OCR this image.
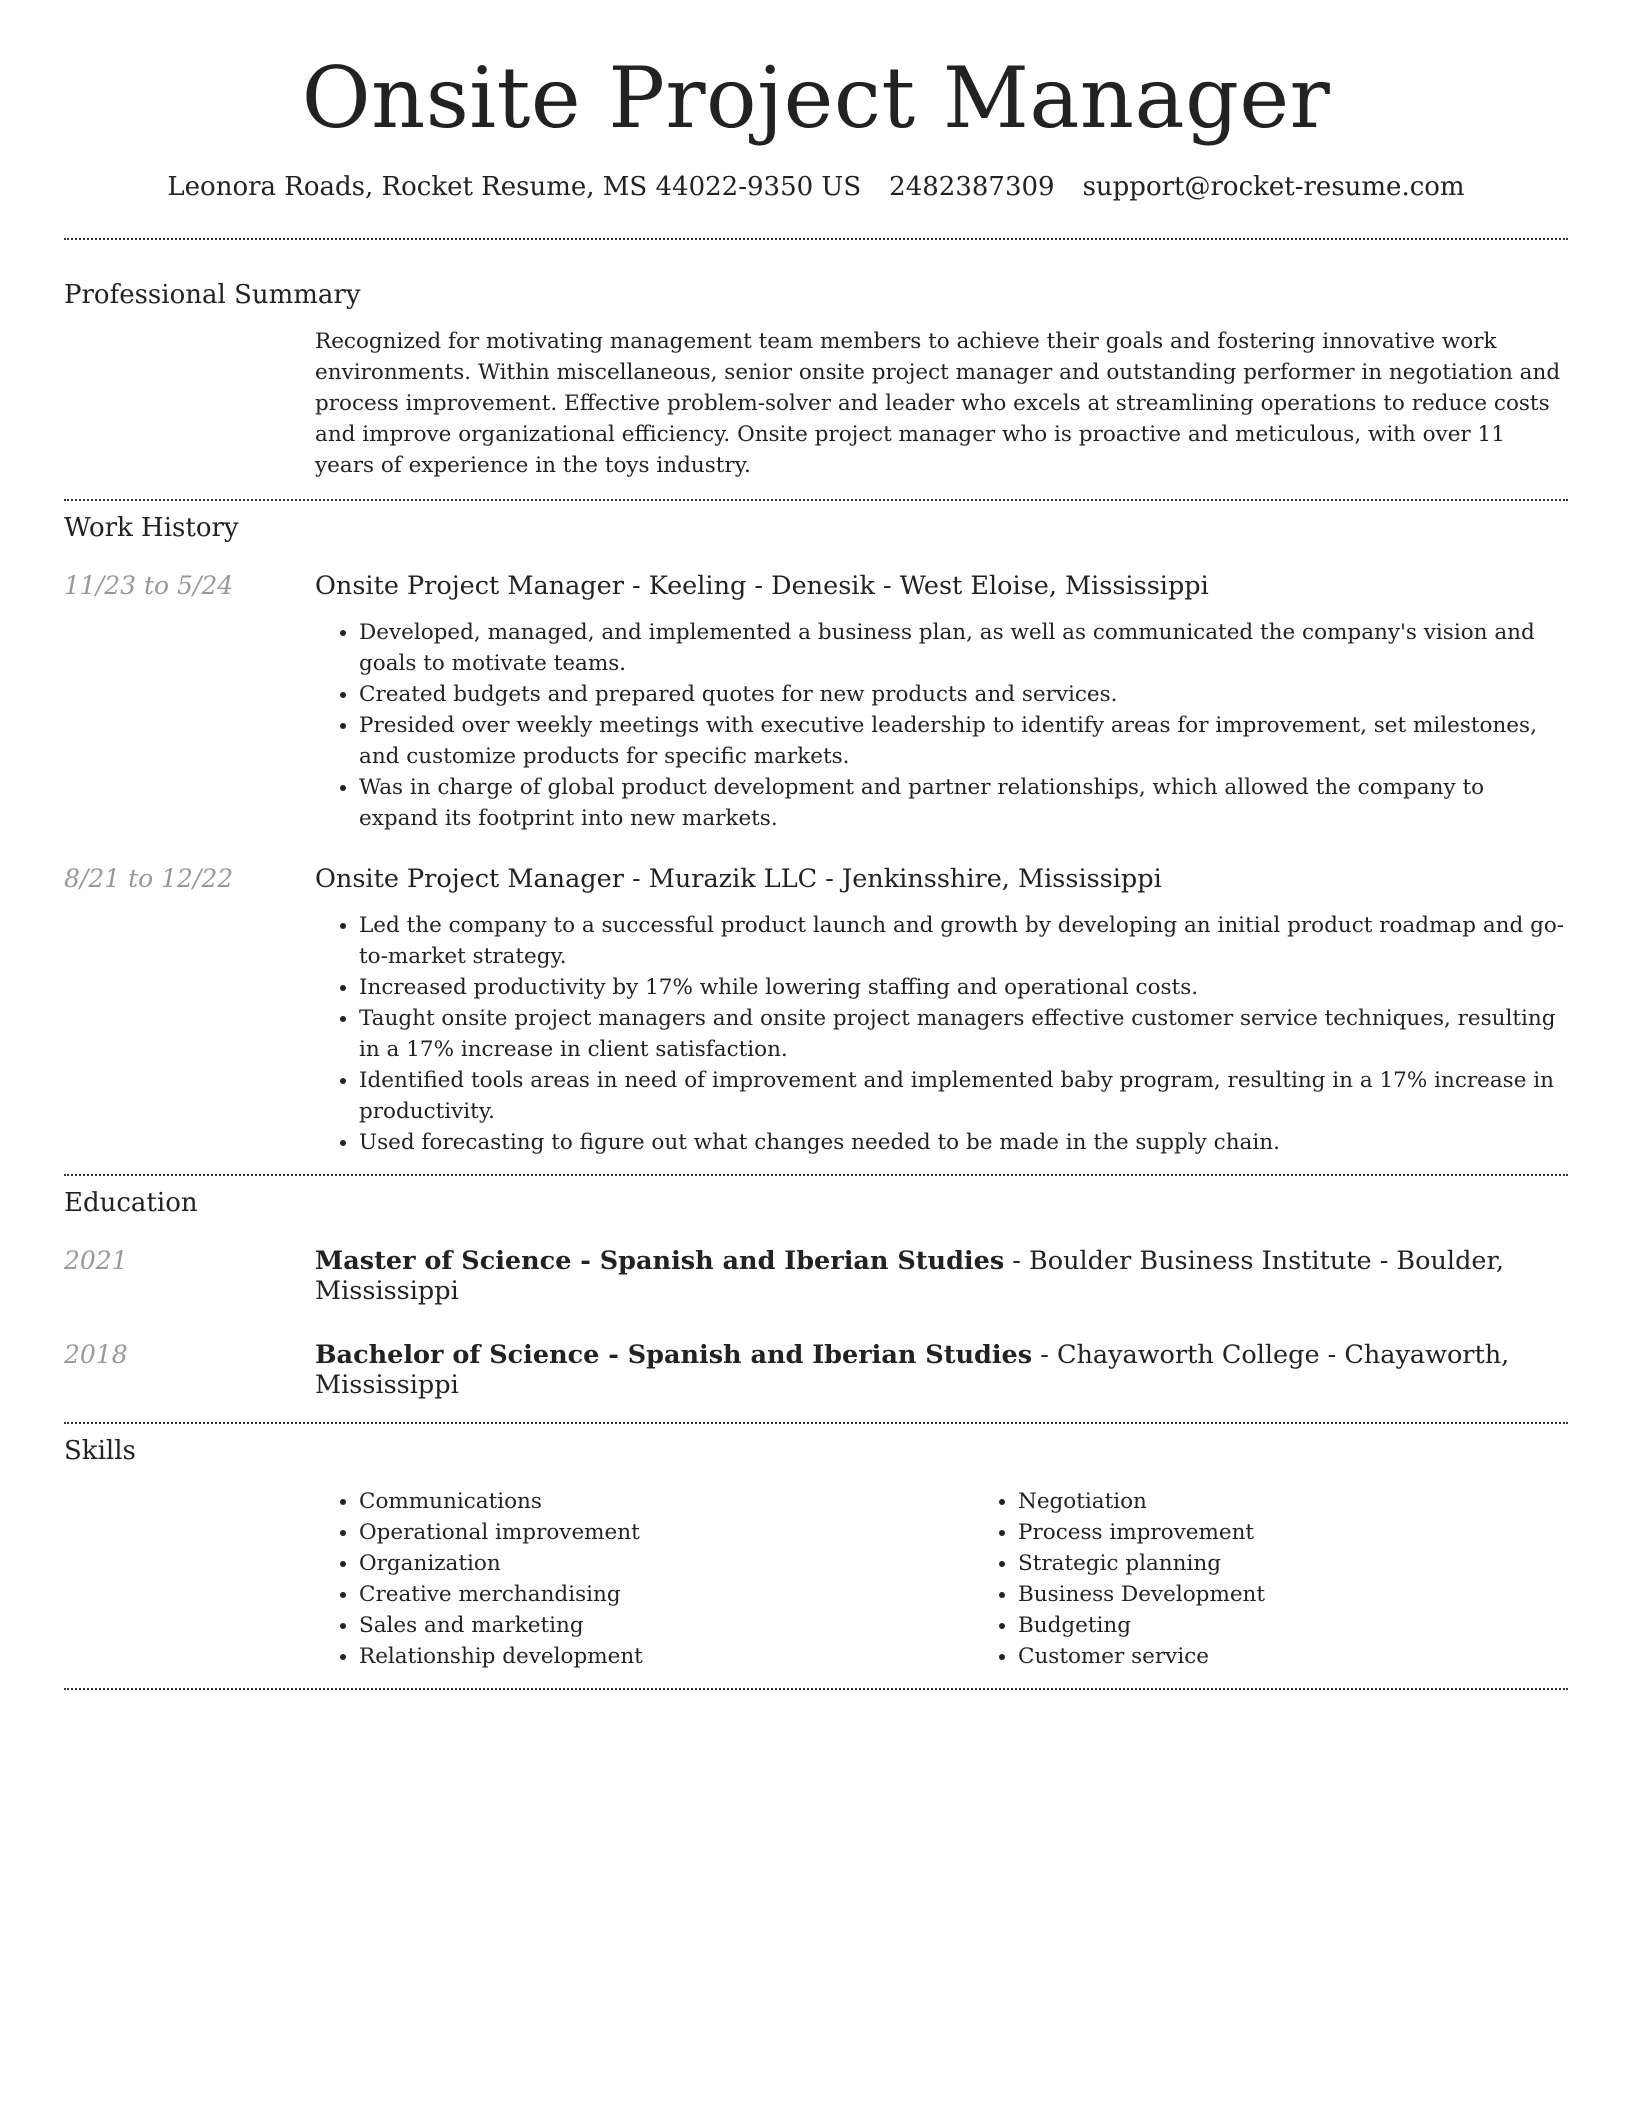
Onsite Project Manager
Leonora Roads, Rocket Resume, MS 44022-9350 US 2482387309 support@rocket-resume.com
Professional Summary

Recognized for motivating management team members to achieve their goals and fostering innovative work environments. Within miscellaneous, senior onsite project manager and outstanding performer in negotiation and process improvement. Effective problem-solver and leader who excels at streamlining operations to reduce costs and improve organizational efficiency. Onsite project manager who is proactive and meticulous, with over 11 years of experience in the toys industry.

Work History
11/23 to 5/24	Onsite Project Manager - Keeling - Denesik - West Eloise, Mississippi

• Developed, managed, and implemented a business plan, as well as communicated the company's vision and goals to motivate teams.
• Created budgets and prepared quotes for new products and services.
• Presided over weekly meetings with executive leadership to identify areas for improvement, set milestones, and customize products for specific markets.
• Was in charge of global product development and partner relationships, which allowed the company to expand its footprint into new markets.
8/21 to 12/22	Onsite Project Manager - Murazik LLC - Jenkinsshire, Mississippi

• Led the company to a successful product launch and growth by developing an initial product roadmap and go-to-market strategy.
• Increased productivity by 17% while lowering staffing and operational costs.
• Taught onsite project managers and onsite project managers effective customer service techniques, resulting in a 17% increase in client satisfaction.
• Identified tools areas in need of improvement and implemented baby program, resulting in a 17% increase in productivity.
• Used forecasting to figure out what changes needed to be made in the supply chain.
Education
2021	Master of Science - Spanish and Iberian Studies - Boulder Business Institute - Boulder, Mississippi

2018	Bachelor of Science - Spanish and Iberian Studies - Chayaworth College - Chayaworth, Mississippi

Skills
• Communications
• Operational improvement
• Organization
• Creative merchandising
• Sales and marketing
• Relationship development
• Negotiation
• Process improvement
• Strategic planning
• Business Development
• Budgeting
• Customer service
